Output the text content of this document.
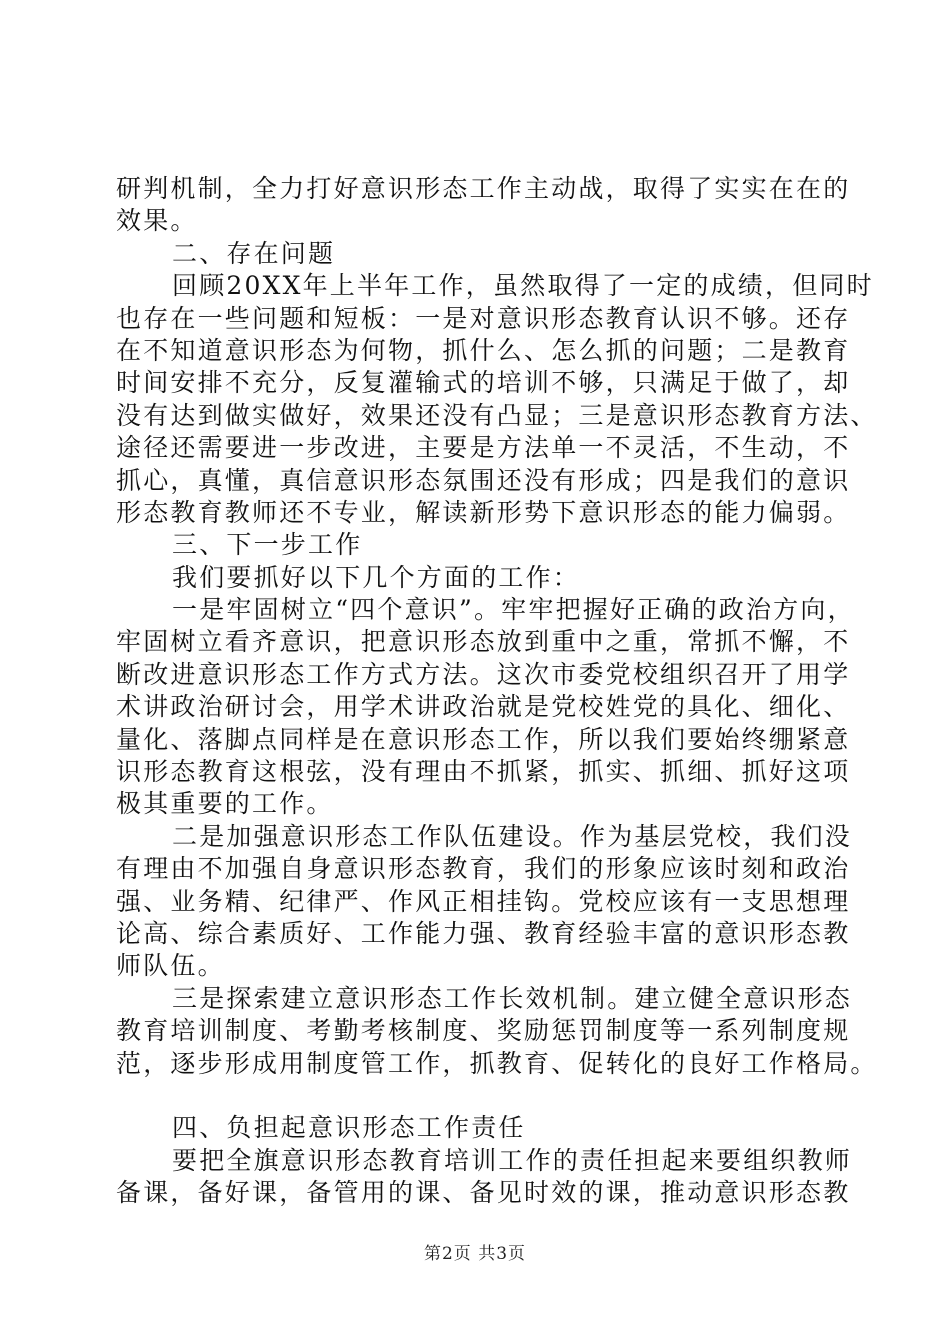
研判机制，全力打好意识形态工作主动战，取得了实实在在的
效果。
二、存在问题
回顾20XX年上半年工作，虽然取得了一定的成绩，但同时
也存在一些问题和短板：一是对意识形态教育认识不够。还存
在不知道意识形态为何物，抓什么、怎么抓的问题；二是教育
时间安排不充分，反复灌输式的培训不够，只满足于做了，却
没有达到做实做好，效果还没有凸显；三是意识形态教育方法、
途径还需要进一步改进，主要是方法单一不灵活，不生动，不
抓心，真懂，真信意识形态氛围还没有形成；四是我们的意识
形态教育教师还不专业，解读新形势下意识形态的能力偏弱。
三、下一步工作
我们要抓好以下几个方面的工作：
一是牢固树立“四个意识”。牢牢把握好正确的政治方向，
牢固树立看齐意识，把意识形态放到重中之重，常抓不懈，不
断改进意识形态工作方式方法。这次市委党校组织召开了用学
术讲政治研讨会，用学术讲政治就是党校姓党的具化、细化、
量化、落脚点同样是在意识形态工作，所以我们要始终绷紧意
识形态教育这根弦，没有理由不抓紧，抓实、抓细、抓好这项
极其重要的工作。
二是加强意识形态工作队伍建设。作为基层党校，我们没
有理由不加强自身意识形态教育，我们的形象应该时刻和政治
强、业务精、纪律严、作风正相挂钩。党校应该有一支思想理
论高、综合素质好、工作能力强、教育经验丰富的意识形态教
师队伍。
三是探索建立意识形态工作长效机制。建立健全意识形态
教育培训制度、考勤考核制度、奖励惩罚制度等一系列制度规
范，逐步形成用制度管工作，抓教育、促转化的良好工作格局。
四、负担起意识形态工作责任
要把全旗意识形态教育培训工作的责任担起来要组织教师
备课，备好课，备管用的课、备见时效的课，推动意识形态教
第2页 共3页
